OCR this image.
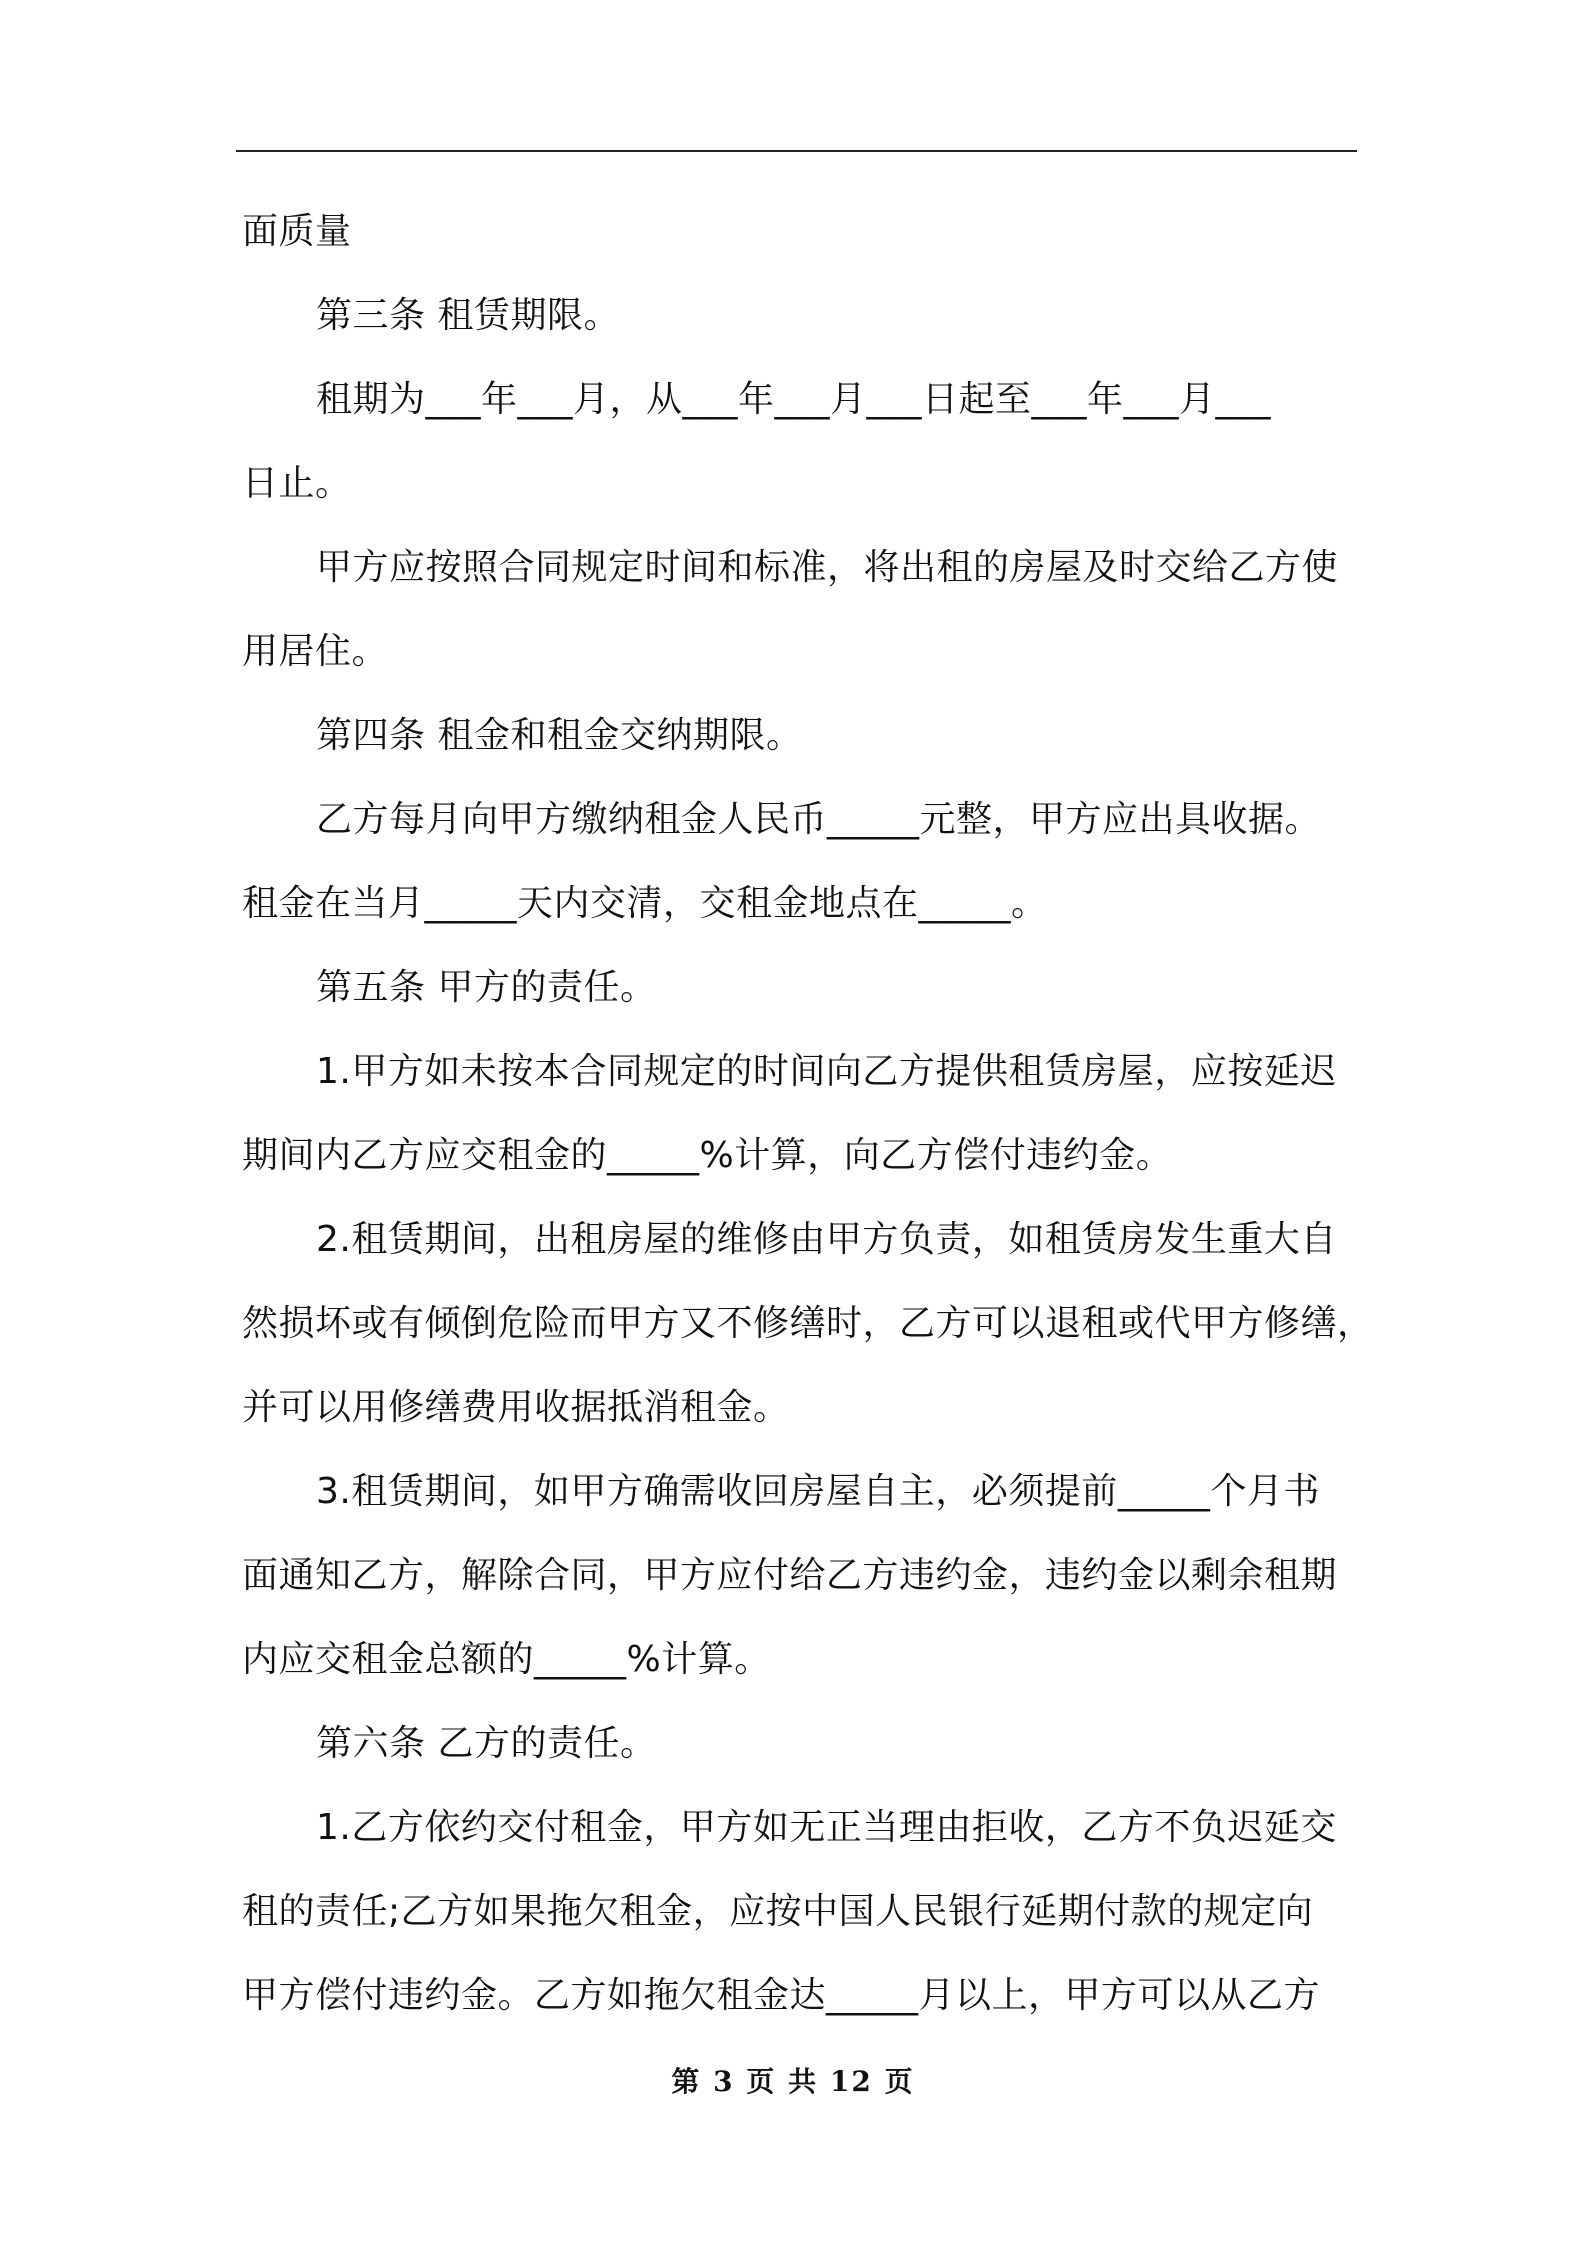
面质量
第三条 租赁期限。
租期为___年___月，从___年___月___日起至___年___月___
日止。
甲方应按照合同规定时间和标准，将出租的房屋及时交给乙方使
用居住。
第四条 租金和租金交纳期限。
乙方每月向甲方缴纳租金人民币_____元整，甲方应出具收据。
租金在当月_____天内交清，交租金地点在_____。
第五条 甲方的责任。
1.甲方如未按本合同规定的时间向乙方提供租赁房屋，应按延迟
期间内乙方应交租金的_____%计算，向乙方偿付违约金。
2.租赁期间，出租房屋的维修由甲方负责，如租赁房发生重大自
然损坏或有倾倒危险而甲方又不修缮时，乙方可以退租或代甲方修缮，
并可以用修缮费用收据抵消租金。
3.租赁期间，如甲方确需收回房屋自主，必须提前_____个月书
面通知乙方，解除合同，甲方应付给乙方违约金，违约金以剩余租期
内应交租金总额的_____%计算。
第六条 乙方的责任。
1.乙方依约交付租金，甲方如无正当理由拒收，乙方不负迟延交
租的责任;乙方如果拖欠租金，应按中国人民银行延期付款的规定向
甲方偿付违约金。乙方如拖欠租金达_____月以上，甲方可以从乙方
第 3 页 共 12 页
